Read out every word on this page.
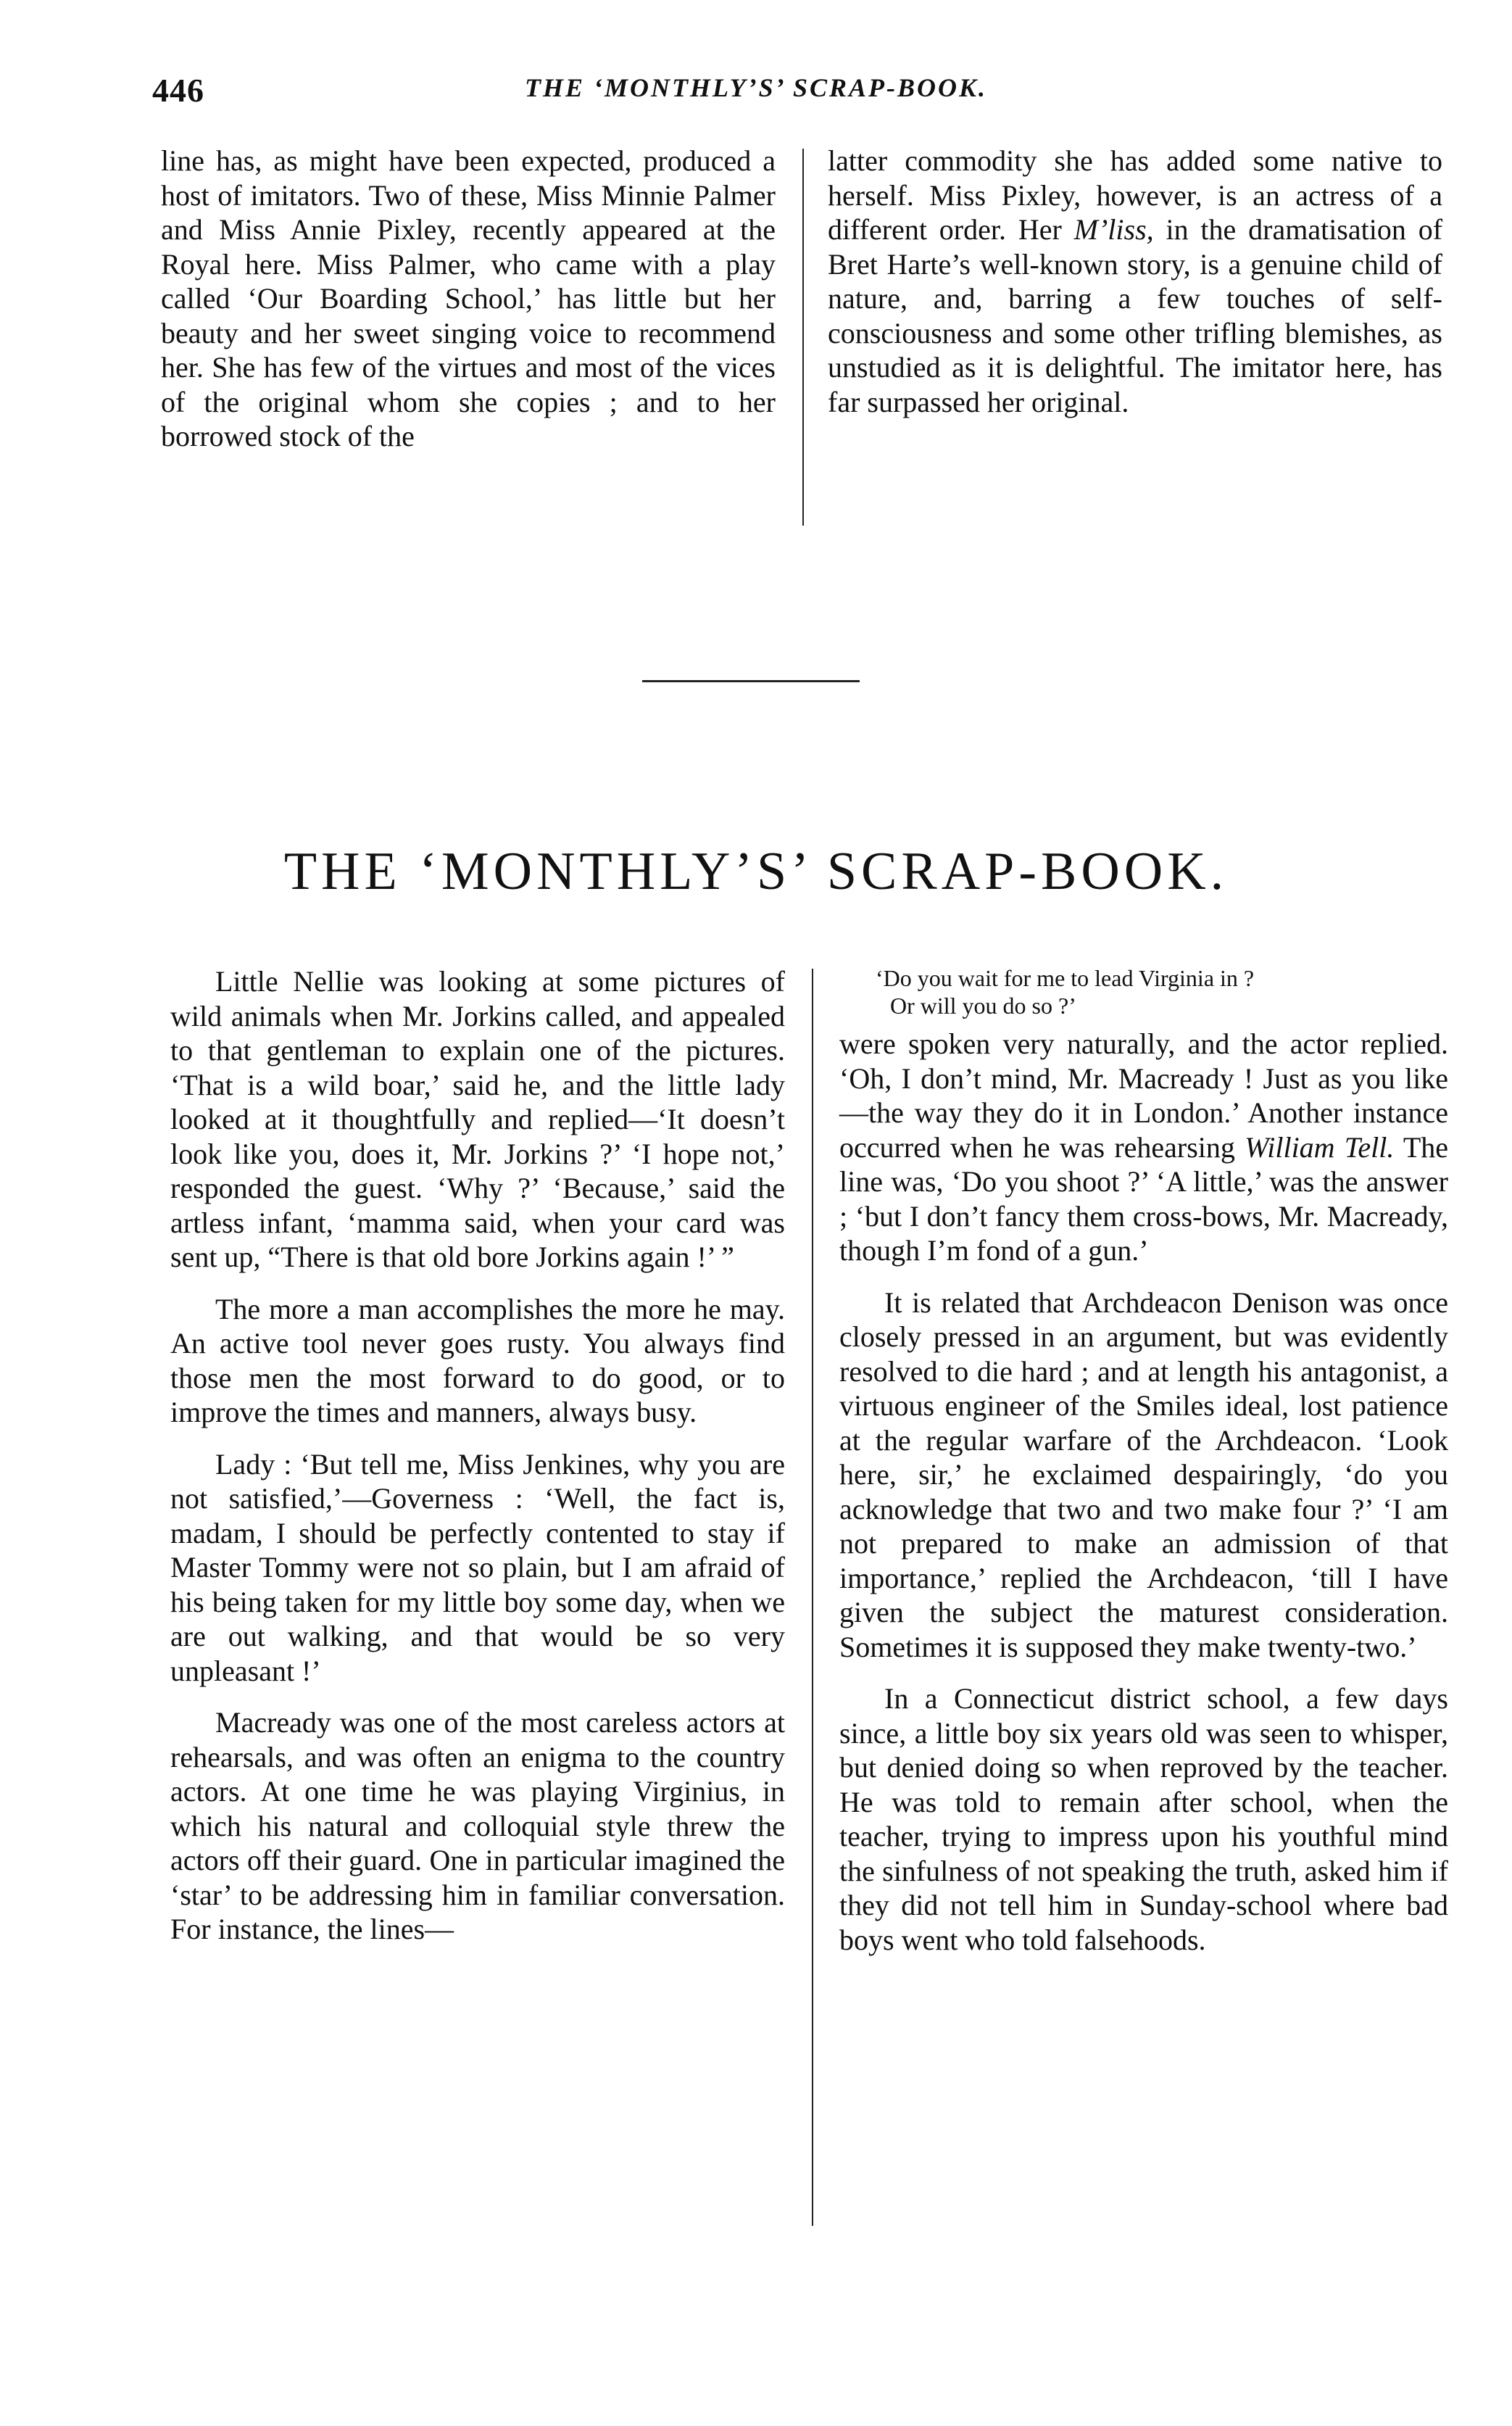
446	THE ‘MONTHLY’S’ SCRAP-BOOK.

line has, as might have been expected, produced a host of imitators. Two of these, Miss Minnie Palmer and Miss Annie Pixley, recently appeared at the Royal here. Miss Palmer, who came with a play called ‘Our Boarding School,’ has little but her beauty and her sweet singing voice to recommend her. She has few of the virtues and most of the vices of the original whom she copies ; and to her borrowed stock of the

latter commodity she has added some native to herself. Miss Pixley, however, is an actress of a different order. Her M’liss, in the dramatisation of Bret Harte’s well-known story, is a genuine child of nature, and, barring a few touches of self-consciousness and some other trifling blemishes, as unstudied as it is delightful. The imitator here, has far surpassed her original.

THE ‘MONTHLY’S’ SCRAP-BOOK.

Little Nellie was looking at some pictures of wild animals when Mr. Jorkins called, and appealed to that gentleman to explain one of the pictures. ‘That is a wild boar,’ said he, and the little lady looked at it thoughtfully and replied—‘It doesn’t look like you, does it, Mr. Jorkins ?’ ‘I hope not,’ responded the guest. ‘Why ?’ ‘Because,’ said the artless infant, ‘mamma said, when your card was sent up, “There is that old bore Jorkins again !’ ”

The more a man accomplishes the more he may. An active tool never goes rusty. You always find those men the most forward to do good, or to improve the times and manners, always busy.

Lady : ‘But tell me, Miss Jenkines, why you are not satisfied,’—Governess : ‘Well, the fact is, madam, I should be perfectly contented to stay if Master Tommy were not so plain, but I am afraid of his being taken for my little boy some day, when we are out walking, and that would be so very unpleasant !’

Macready was one of the most careless actors at rehearsals, and was often an enigma to the country actors. At one time he was playing Virginius, in which his natural and colloquial style threw the actors off their guard. One in particular imagined the ‘star’ to be addressing him in familiar conversation. For instance, the lines—

‘Do you wait for me to lead Virginia in ?
Or will you do so ?’

were spoken very naturally, and the actor replied. ‘Oh, I don’t mind, Mr. Macready ! Just as you like—the way they do it in London.’ Another instance occurred when he was rehearsing William Tell. The line was, ‘Do you shoot ?’ ‘A little,’ was the answer ; ‘but I don’t fancy them cross-bows, Mr. Macready, though I’m fond of a gun.’

It is related that Archdeacon Denison was once closely pressed in an argument, but was evidently resolved to die hard ; and at length his antagonist, a virtuous engineer of the Smiles ideal, lost patience at the regular warfare of the Archdeacon. ‘Look here, sir,’ he exclaimed despairingly, ‘do you acknowledge that two and two make four ?’ ‘I am not prepared to make an admission of that importance,’ replied the Archdeacon, ‘till I have given the subject the maturest consideration. Sometimes it is supposed they make twenty-two.’

In a Connecticut district school, a few days since, a little boy six years old was seen to whisper, but denied doing so when reproved by the teacher. He was told to remain after school, when the teacher, trying to impress upon his youthful mind the sinfulness of not speaking the truth, asked him if they did not tell him in Sunday-school where bad boys went who told falsehoods.
